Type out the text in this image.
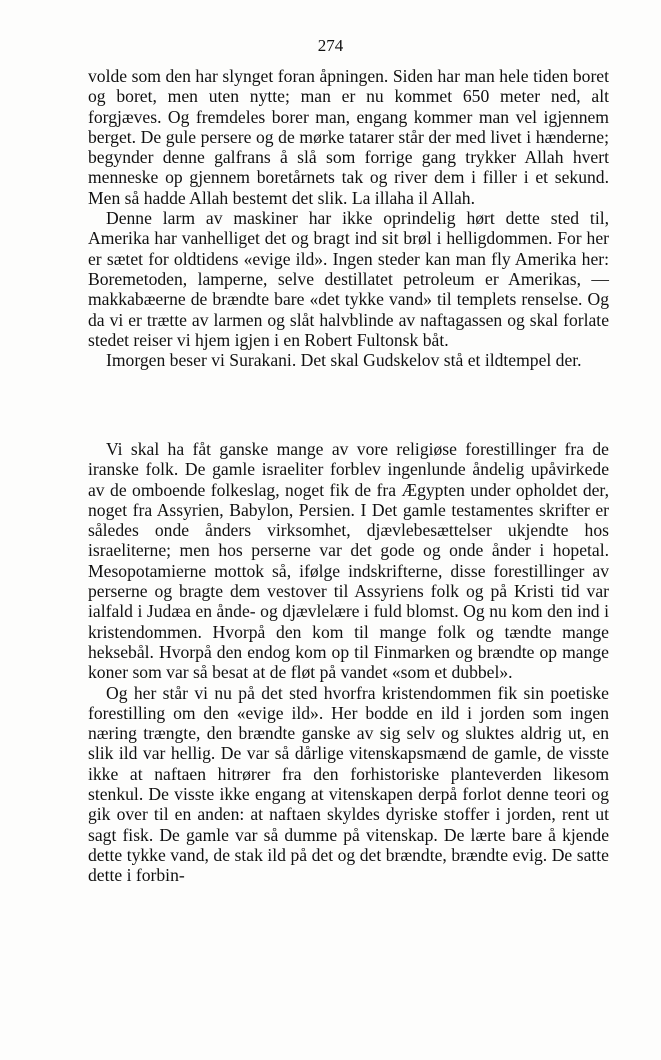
274

volde som den har slynget foran åpningen. Siden har man hele tiden boret og boret, men uten nytte; man er nu kommet 650 meter ned, alt forgjæves. Og fremdeles borer man, engang kommer man vel igjennem berget. De gule persere og de mørke tatarer står der med livet i hænderne; begynder denne galfrans å slå som forrige gang trykker Allah hvert menneske op gjennem boretårnets tak og river dem i filler i et sekund. Men så hadde Allah bestemt det slik. La illaha il Allah.

Denne larm av maskiner har ikke oprindelig hørt dette sted til, Amerika har vanhelliget det og bragt ind sit brøl i helligdommen. For her er sætet for oldtidens «evige ild». Ingen steder kan man fly Amerika her: Boremetoden, lamperne, selve destillatet petroleum er Amerikas, — makkabæerne de brændte bare «det tykke vand» til templets renselse. Og da vi er trætte av larmen og slåt halvblinde av naftagassen og skal forlate stedet reiser vi hjem igjen i en Robert Fultonsk båt.

Imorgen beser vi Surakani. Det skal Gudskelov stå et ildtempel der.

Vi skal ha fåt ganske mange av vore religiøse forestillinger fra de iranske folk. De gamle israeliter forblev ingenlunde åndelig upåvirkede av de omboende folkeslag, noget fik de fra Ægypten under opholdet der, noget fra Assyrien, Babylon, Persien. I Det gamle testamentes skrifter er således onde ånders virksomhet, djævlebesættelser ukjendte hos israeliterne; men hos perserne var det gode og onde ånder i hopetal. Mesopotamierne mottok så, ifølge indskrifterne, disse forestillinger av perserne og bragte dem vestover til Assyriens folk og på Kristi tid var ialfald i Judæa en ånde- og djævlelære i fuld blomst. Og nu kom den ind i kristendommen. Hvorpå den kom til mange folk og tændte mange heksebål. Hvorpå den endog kom op til Finmarken og brændte op mange koner som var så besat at de fløt på vandet «som et dubbel».

Og her står vi nu på det sted hvorfra kristendommen fik sin poetiske forestilling om den «evige ild». Her bodde en ild i jorden som ingen næring trængte, den brændte ganske av sig selv og sluktes aldrig ut, en slik ild var hellig. De var så dårlige vitenskapsmænd de gamle, de visste ikke at naftaen hitrører fra den forhistoriske planteverden likesom stenkul. De visste ikke engang at vitenskapen derpå forlot denne teori og gik over til en anden: at naftaen skyldes dyriske stoffer i jorden, rent ut sagt fisk. De gamle var så dumme på vitenskap. De lærte bare å kjende dette tykke vand, de stak ild på det og det brændte, brændte evig. De satte dette i forbin-
